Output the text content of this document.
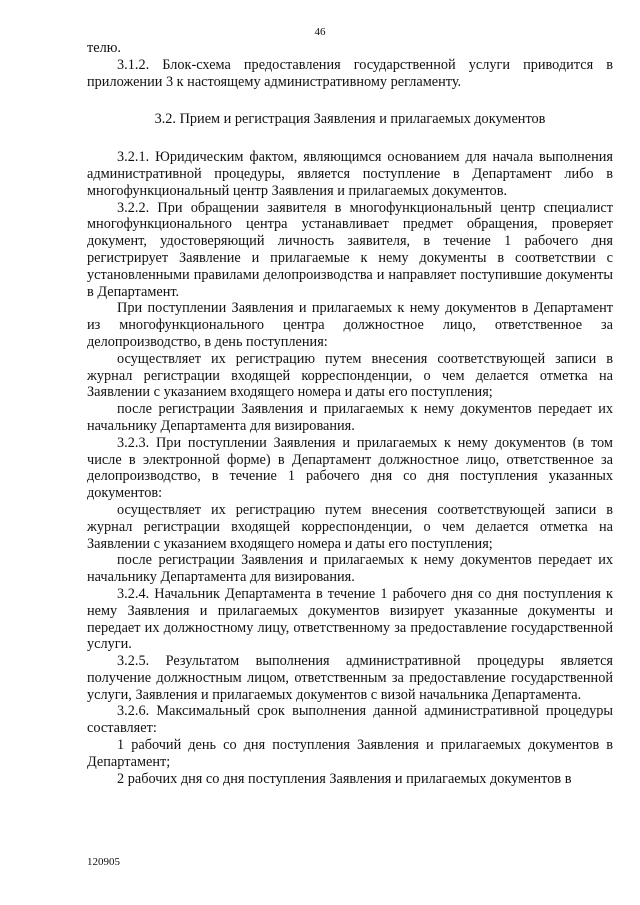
46

телю.

3.1.2. Блок-схема предоставления государственной услуги приводится в приложении 3 к настоящему административному регламенту.

3.2. Прием и регистрация Заявления и прилагаемых документов

3.2.1. Юридическим фактом, являющимся основанием для начала выполнения административной процедуры, является поступление в Департамент либо в многофункциональный центр Заявления и прилагаемых документов.

3.2.2. При обращении заявителя в многофункциональный центр специалист многофункционального центра устанавливает предмет обращения, проверяет документ, удостоверяющий личность заявителя, в течение 1 рабочего дня регистрирует Заявление и прилагаемые к нему документы в соответствии с установленными правилами делопроизводства и направляет поступившие документы в Департамент.

При поступлении Заявления и прилагаемых к нему документов в Департамент из многофункционального центра должностное лицо, ответственное за делопроизводство, в день поступления:

осуществляет их регистрацию путем внесения соответствующей записи в журнал регистрации входящей корреспонденции, о чем делается отметка на Заявлении с указанием входящего номера и даты его поступления;

после регистрации Заявления и прилагаемых к нему документов передает их начальнику Департамента для визирования.

3.2.3. При поступлении Заявления и прилагаемых к нему документов (в том числе в электронной форме) в Департамент должностное лицо, ответственное за делопроизводство, в течение 1 рабочего дня со дня поступления указанных документов:

осуществляет их регистрацию путем внесения соответствующей записи в журнал регистрации входящей корреспонденции, о чем делается отметка на Заявлении с указанием входящего номера и даты его поступления;

после регистрации Заявления и прилагаемых к нему документов передает их начальнику Департамента для визирования.

3.2.4. Начальник Департамента в течение 1 рабочего дня со дня поступления к нему Заявления и прилагаемых документов визирует указанные документы и передает их должностному лицу, ответственному за предоставление государственной услуги.

3.2.5. Результатом выполнения административной процедуры является получение должностным лицом, ответственным за предоставление государственной услуги, Заявления и прилагаемых документов с визой начальника Департамента.

3.2.6. Максимальный срок выполнения данной административной процедуры составляет:

1 рабочий день со дня поступления Заявления и прилагаемых документов в Департамент;

2 рабочих дня со дня поступления Заявления и прилагаемых документов в

120905
